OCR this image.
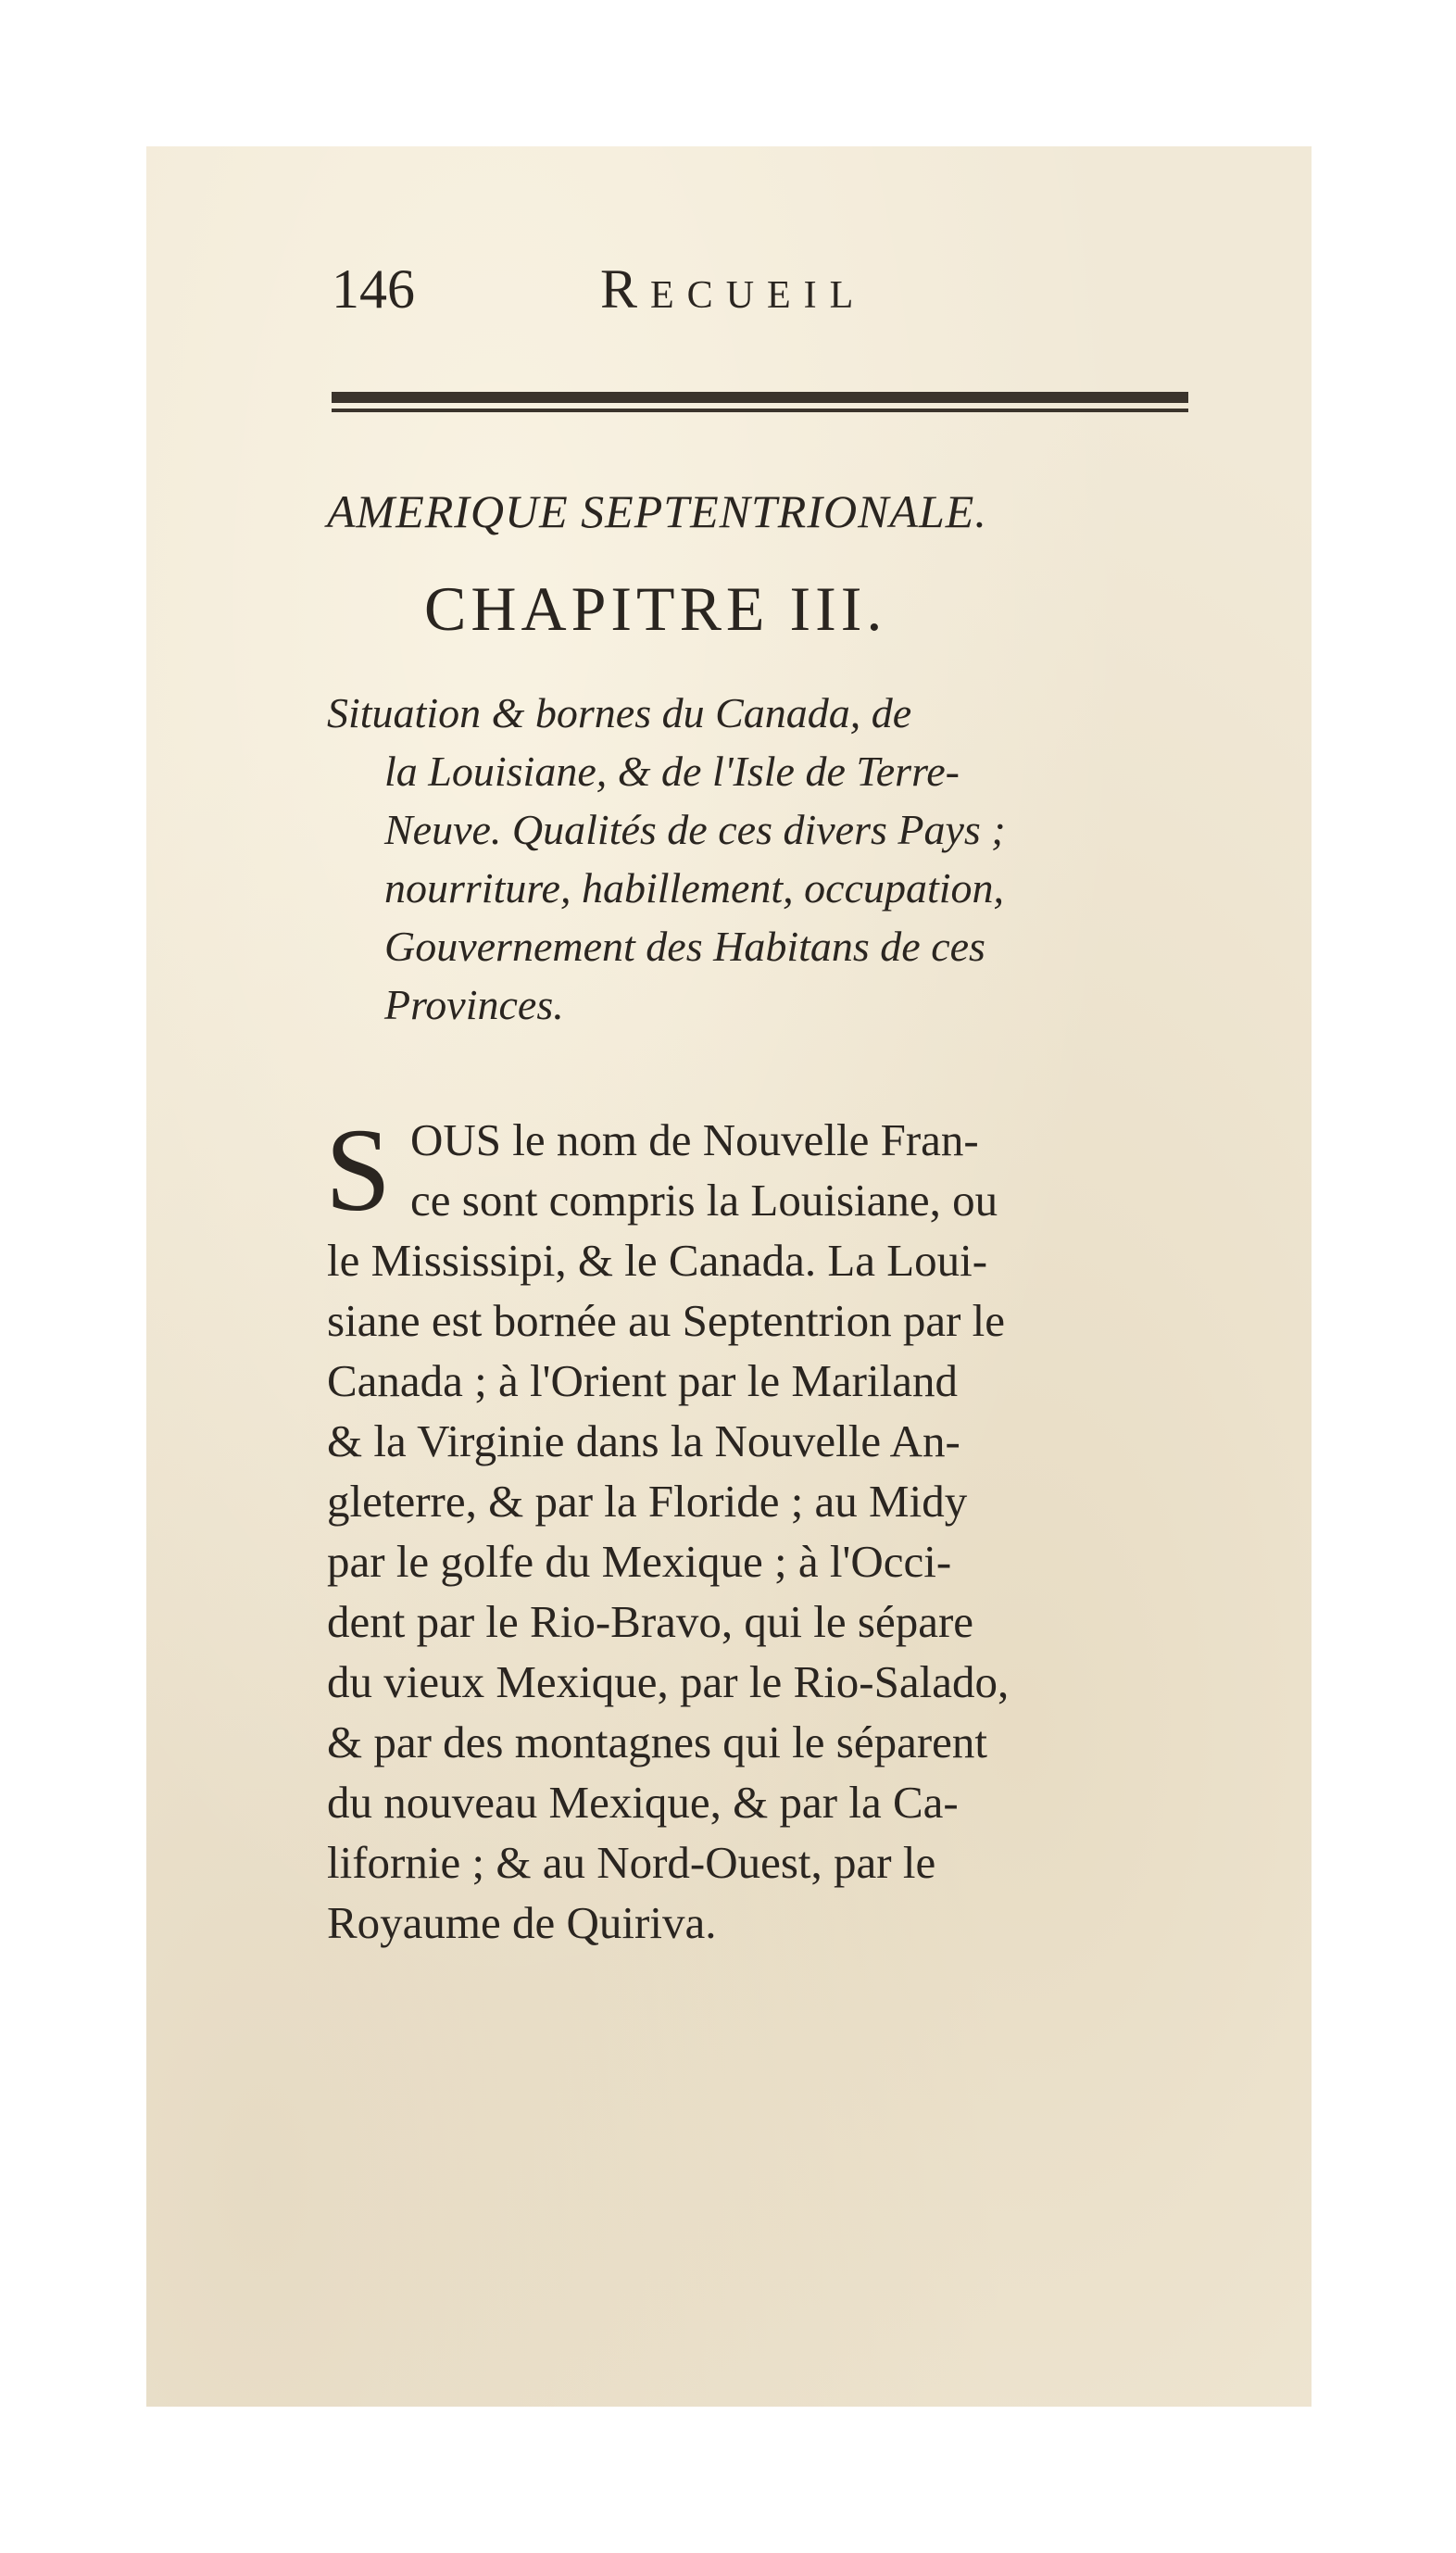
146	Recueil
AMERIQUE SEPTENTRIONALE.
CHAPITRE III.
Situation & bornes du Canada, de
la Louisiane, & de l'Isle de Terre-
Neuve. Qualités de ces divers Pays ;
nourriture, habillement, occupation,
Gouvernement des Habitans de ces
Provinces.
S OUS le nom de Nouvelle Fran-
ce sont compris la Louisiane, ou
le Mississipi, & le Canada. La Loui-
siane est bornée au Septentrion par le
Canada ; à l'Orient par le Mariland
& la Virginie dans la Nouvelle An-
gleterre, & par la Floride ; au Midy
par le golfe du Mexique ; à l'Occi-
dent par le Rio-Bravo, qui le sépare
du vieux Mexique, par le Rio-Salado,
& par des montagnes qui le séparent
du nouveau Mexique, & par la Ca-
lifornie ; & au Nord-Ouest, par le
Royaume de Quiriva.
